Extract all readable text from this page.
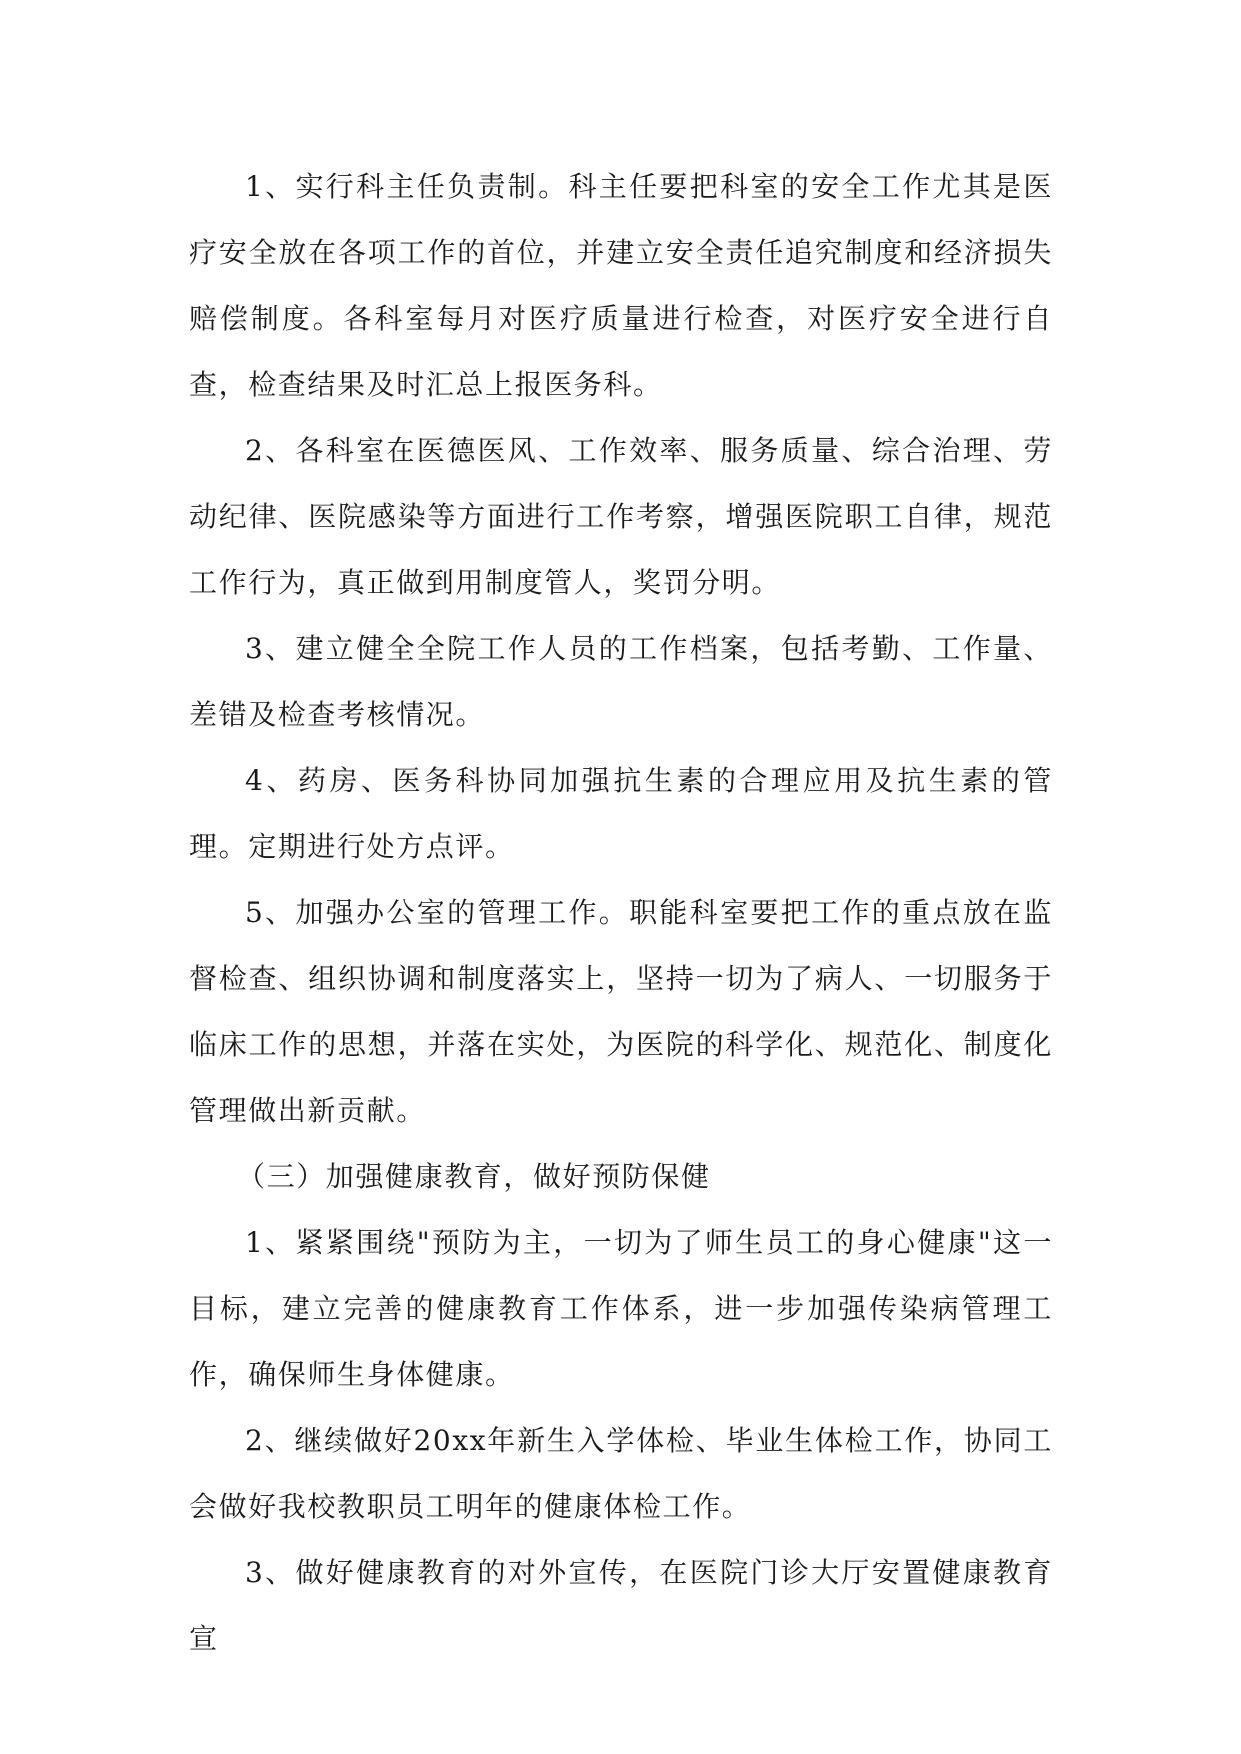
1、实行科主任负责制。科主任要把科室的安全工作尤其是医疗安全放在各项工作的首位，并建立安全责任追究制度和经济损失赔偿制度。各科室每月对医疗质量进行检查，对医疗安全进行自查，检查结果及时汇总上报医务科。

2、各科室在医德医风、工作效率、服务质量、综合治理、劳动纪律、医院感染等方面进行工作考察，增强医院职工自律，规范工作行为，真正做到用制度管人，奖罚分明。

3、建立健全全院工作人员的工作档案，包括考勤、工作量、差错及检查考核情况。

4、药房、医务科协同加强抗生素的合理应用及抗生素的管理。定期进行处方点评。

5、加强办公室的管理工作。职能科室要把工作的重点放在监督检查、组织协调和制度落实上，坚持一切为了病人、一切服务于临床工作的思想，并落在实处，为医院的科学化、规范化、制度化管理做出新贡献。

（三）加强健康教育，做好预防保健

1、紧紧围绕"预防为主，一切为了师生员工的身心健康"这一目标，建立完善的健康教育工作体系，进一步加强传染病管理工作，确保师生身体健康。

2、继续做好20xx年新生入学体检、毕业生体检工作，协同工会做好我校教职员工明年的健康体检工作。

3、做好健康教育的对外宣传，在医院门诊大厅安置健康教育宣
